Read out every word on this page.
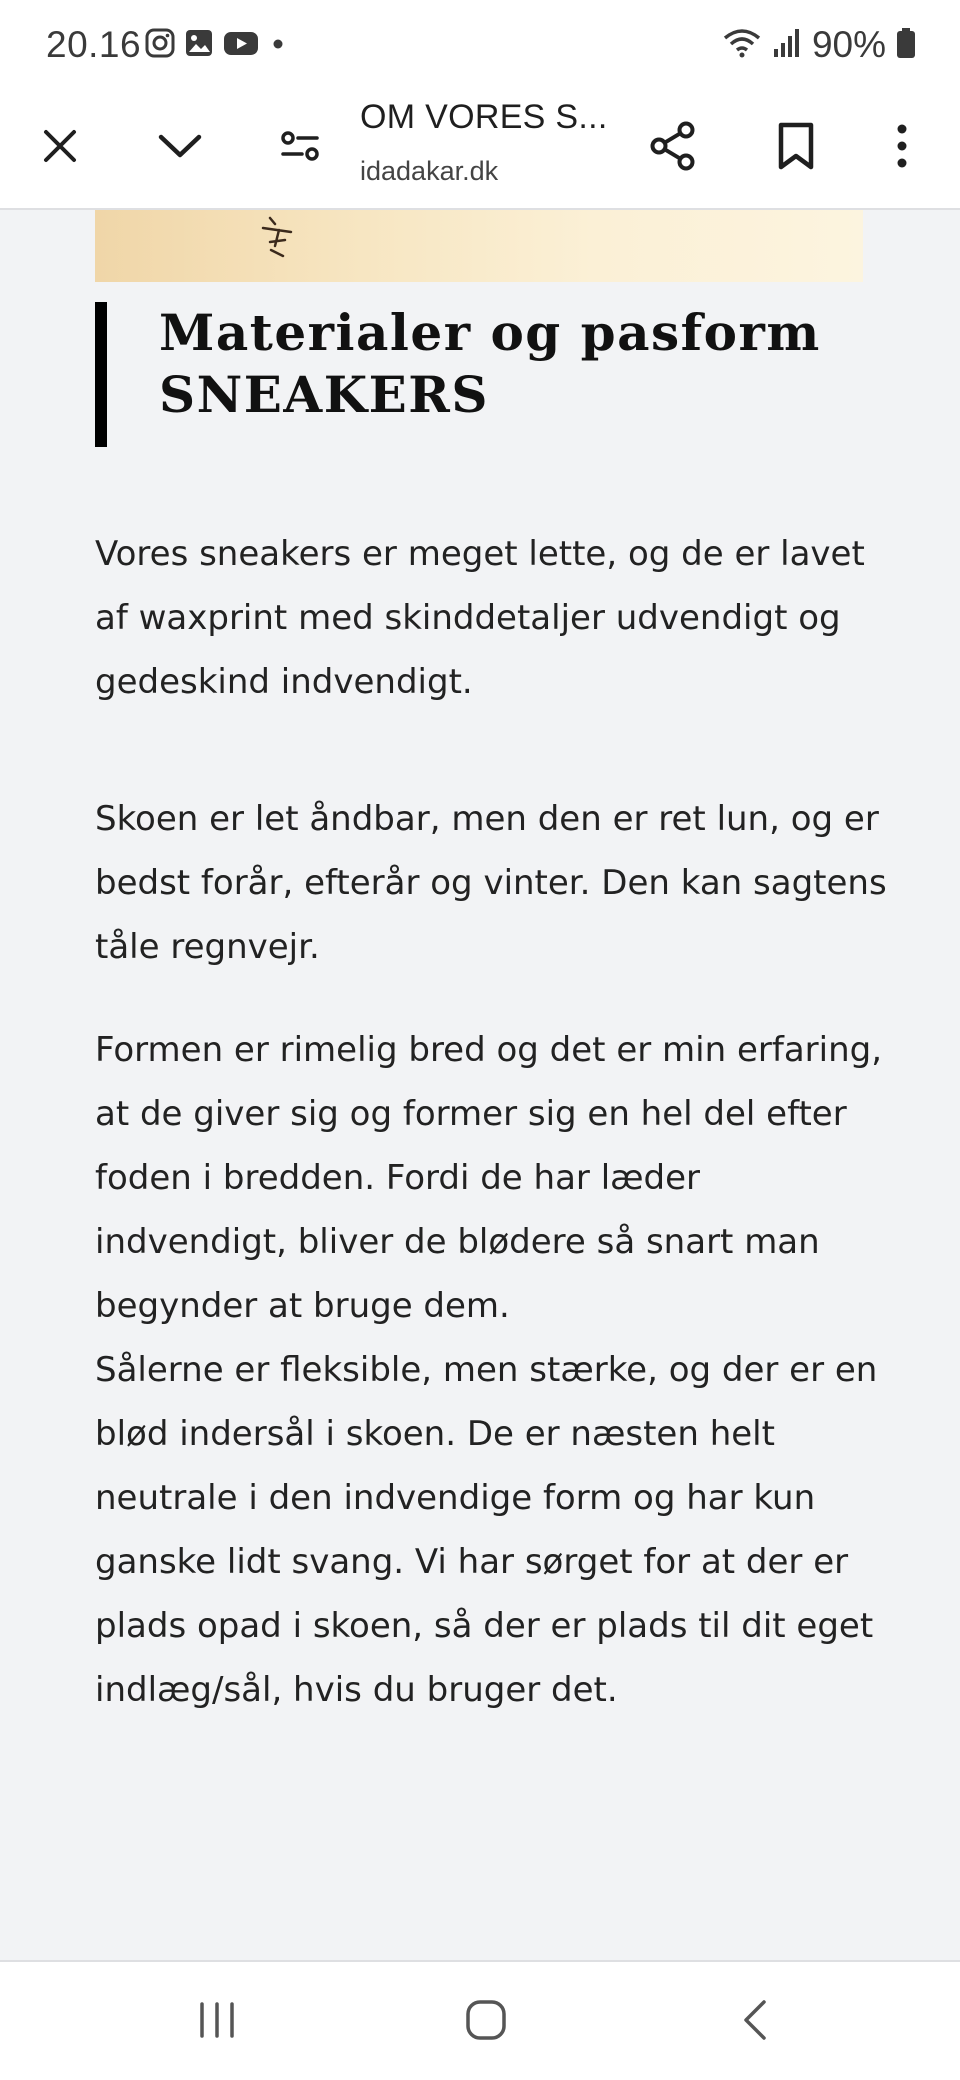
20.16	90%
OM VORES S...
idadakar.dk
Materialer og pasform
SNEAKERS

Vores sneakers er meget lette, og de er lavet af waxprint med skinddetaljer udvendigt og gedeskind indvendigt.

Skoen er let åndbar, men den er ret lun, og er bedst forår, efterår og vinter. Den kan sagtens tåle regnvejr.

Formen er rimelig bred og det er min erfaring, at de giver sig og former sig en hel del efter foden i bredden. Fordi de har læder indvendigt, bliver de blødere så snart man begynder at bruge dem.

Sålerne er fleksible, men stærke, og der er en blød indersål i skoen. De er næsten helt neutrale i den indvendige form og har kun ganske lidt svang. Vi har sørget for at der er plads opad i skoen, så der er plads til dit eget indlæg/sål, hvis du bruger det.
